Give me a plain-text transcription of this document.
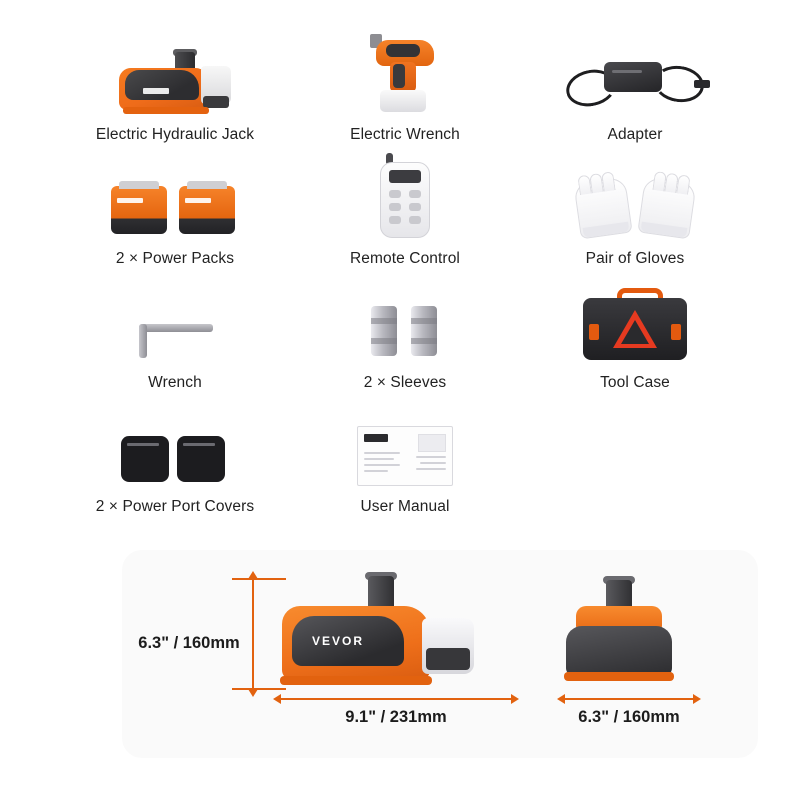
Electric Hydraulic Jack	Electric Wrench	Adapter
2 × Power Packs	Remote Control	Pair of Gloves
Wrench	2 × Sleeves	Tool Case
2 × Power Port Covers	User Manual
6.3" / 160mm	VEVOR
9.1" / 231mm	6.3" / 160mm
